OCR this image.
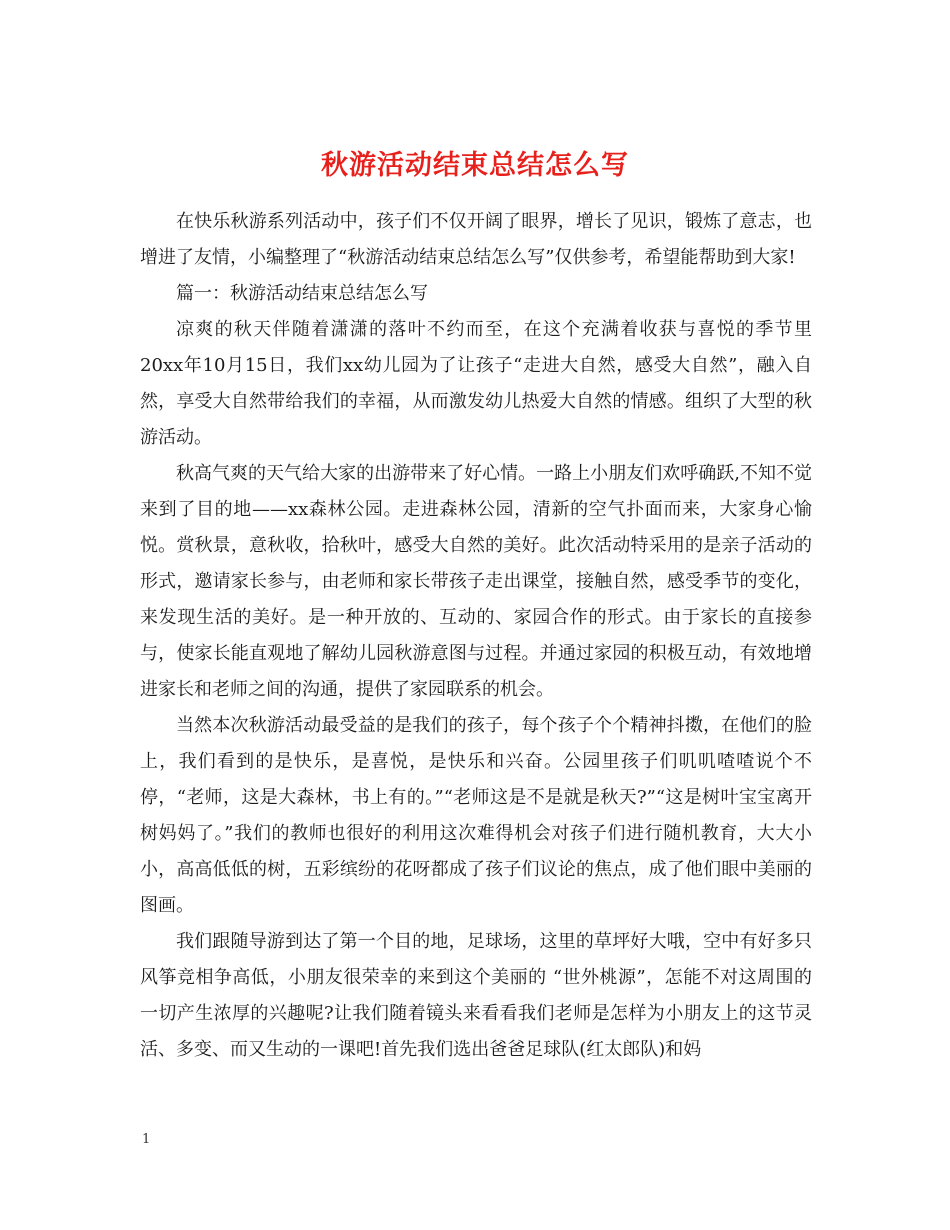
秋游活动结束总结怎么写

在快乐秋游系列活动中，孩子们不仅开阔了眼界，增长了见识，锻炼了意志，也增进了友情，小编整理了“秋游活动结束总结怎么写”仅供参考，希望能帮助到大家!

篇一：秋游活动结束总结怎么写

凉爽的秋天伴随着潇潇的落叶不约而至，在这个充满着收获与喜悦的季节里20xx年10月15日，我们xx幼儿园为了让孩子“走进大自然，感受大自然”，融入自然，享受大自然带给我们的幸福，从而激发幼儿热爱大自然的情感。组织了大型的秋游活动。

秋高气爽的天气给大家的出游带来了好心情。一路上小朋友们欢呼确跃,不知不觉来到了目的地——xx森林公园。走进森林公园，清新的空气扑面而来，大家身心愉悦。赏秋景，意秋收，拾秋叶，感受大自然的美好。此次活动特采用的是亲子活动的形式，邀请家长参与，由老师和家长带孩子走出课堂，接触自然，感受季节的变化，来发现生活的美好。是一种开放的、互动的、家园合作的形式。由于家长的直接参与，使家长能直观地了解幼儿园秋游意图与过程。并通过家园的积极互动，有效地增进家长和老师之间的沟通，提供了家园联系的机会。

当然本次秋游活动最受益的是我们的孩子，每个孩子个个精神抖擞，在他们的脸上，我们看到的是快乐，是喜悦，是快乐和兴奋。公园里孩子们叽叽喳喳说个不停，“老师，这是大森林，书上有的。”“老师这是不是就是秋天?”“这是树叶宝宝离开树妈妈了。”我们的教师也很好的利用这次难得机会对孩子们进行随机教育，大大小小，高高低低的树，五彩缤纷的花呀都成了孩子们议论的焦点，成了他们眼中美丽的图画。

我们跟随导游到达了第一个目的地，足球场，这里的草坪好大哦，空中有好多只风筝竞相争高低，小朋友很荣幸的来到这个美丽的 “世外桃源”，怎能不对这周围的一切产生浓厚的兴趣呢?让我们随着镜头来看看我们老师是怎样为小朋友上的这节灵活、多变、而又生动的一课吧!首先我们选出爸爸足球队(红太郎队)和妈

1
